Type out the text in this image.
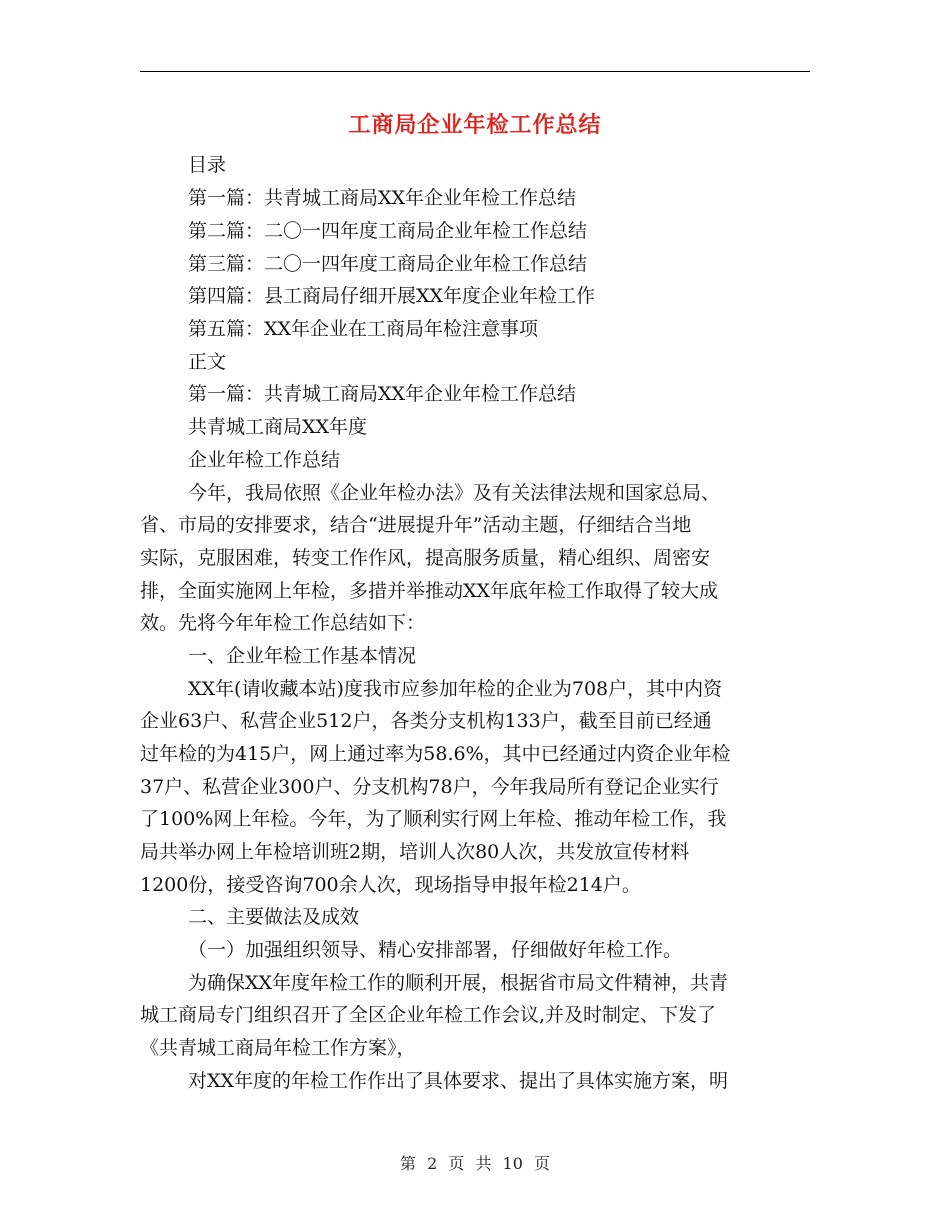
工商局企业年检工作总结
目录
第一篇：共青城工商局XX年企业年检工作总结
第二篇：二〇一四年度工商局企业年检工作总结
第三篇：二〇一四年度工商局企业年检工作总结
第四篇：县工商局仔细开展XX年度企业年检工作
第五篇：XX年企业在工商局年检注意事项
正文
第一篇：共青城工商局XX年企业年检工作总结
共青城工商局XX年度
企业年检工作总结
今年，我局依照《企业年检办法》及有关法律法规和国家总局、
省、市局的安排要求，结合“进展提升年”活动主题，仔细结合当地
实际，克服困难，转变工作作风，提高服务质量，精心组织、周密安
排，全面实施网上年检，多措并举推动XX年底年检工作取得了较大成
效。先将今年年检工作总结如下：
一、企业年检工作基本情况
XX年(请收藏本站)度我市应参加年检的企业为708户，其中内资
企业63户、私营企业512户，各类分支机构133户，截至目前已经通
过年检的为415户，网上通过率为58.6%，其中已经通过内资企业年检
37户、私营企业300户、分支机构78户，今年我局所有登记企业实行
了100%网上年检。今年，为了顺利实行网上年检、推动年检工作，我
局共举办网上年检培训班2期，培训人次80人次，共发放宣传材料
1200份，接受咨询700余人次，现场指导申报年检214户。
二、主要做法及成效
（一）加强组织领导、精心安排部署，仔细做好年检工作。
为确保XX年度年检工作的顺利开展，根据省市局文件精神，共青
城工商局专门组织召开了全区企业年检工作会议,并及时制定、下发了
《共青城工商局年检工作方案》，
对XX年度的年检工作作出了具体要求、提出了具体实施方案，明
第 2 页 共 10 页
